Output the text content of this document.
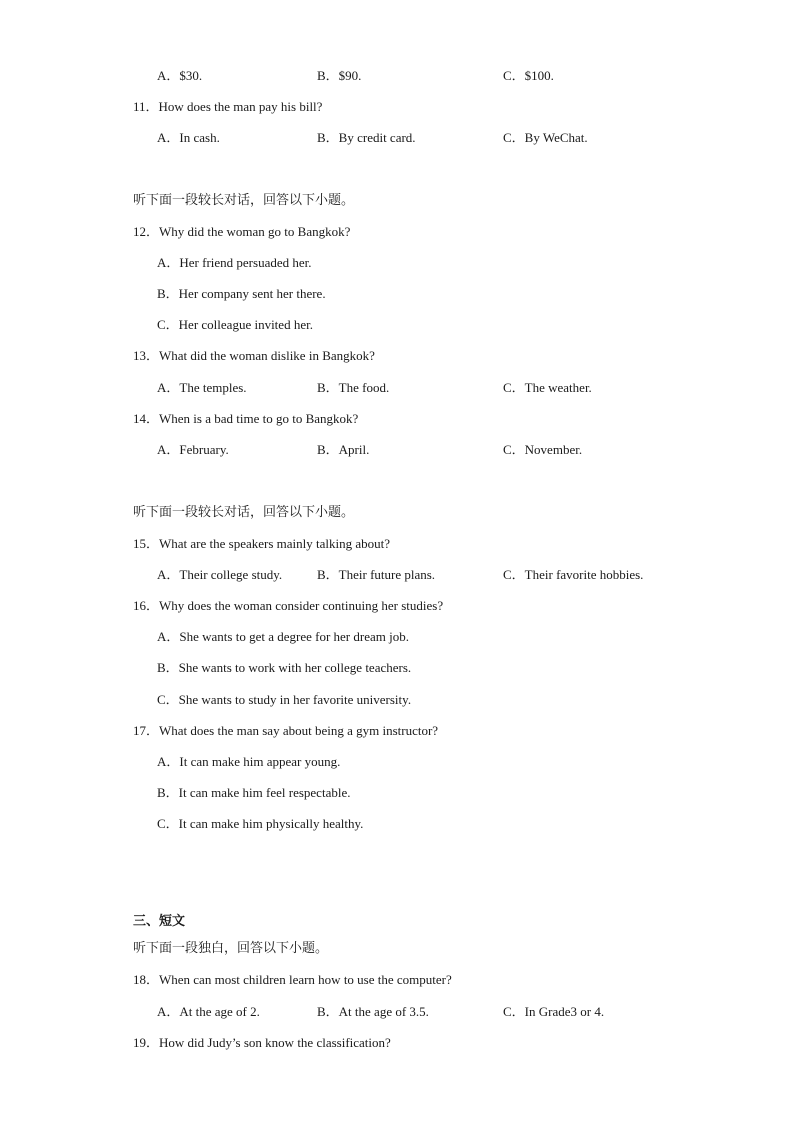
A．$30.	B．$90.	C．$100.
11．How does the man pay his bill?
A．In cash.	B．By credit card.	C．By WeChat.
听下面一段较长对话，回答以下小题。
12．Why did the woman go to Bangkok?
A．Her friend persuaded her.
B．Her company sent her there.
C．Her colleague invited her.
13．What did the woman dislike in Bangkok?
A．The temples.	B．The food.	C．The weather.
14．When is a bad time to go to Bangkok?
A．February.	B．April.	C．November.
听下面一段较长对话，回答以下小题。
15．What are the speakers mainly talking about?
A．Their college study.	B．Their future plans.	C．Their favorite hobbies.
16．Why does the woman consider continuing her studies?
A．She wants to get a degree for her dream job.
B．She wants to work with her college teachers.
C．She wants to study in her favorite university.
17．What does the man say about being a gym instructor?
A．It can make him appear young.
B．It can make him feel respectable.
C．It can make him physically healthy.
三、短文
听下面一段独白，回答以下小题。
18．When can most children learn how to use the computer?
A．At the age of 2.	B．At the age of 3.5.	C．In Grade3 or 4.
19．How did Judy’s son know the classification?
